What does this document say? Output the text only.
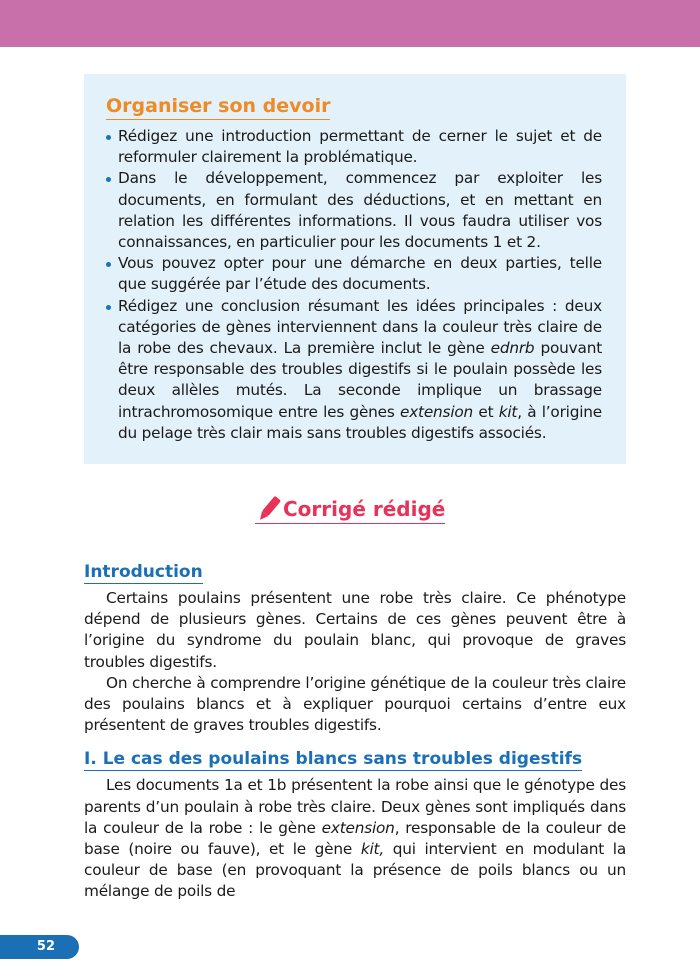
Organiser son devoir
Rédigez une introduction permettant de cerner le sujet et de reformuler clairement la problématique.
Dans le développement, commencez par exploiter les documents, en formulant des déductions, et en mettant en relation les différentes informations. Il vous faudra utiliser vos connaissances, en particulier pour les documents 1 et 2.
Vous pouvez opter pour une démarche en deux parties, telle que suggérée par l’étude des documents.
Rédigez une conclusion résumant les idées principales : deux catégories de gènes interviennent dans la couleur très claire de la robe des chevaux. La première inclut le gène ednrb pouvant être responsable des troubles digestifs si le poulain possède les deux allèles mutés. La seconde implique un brassage intrachromosomique entre les gènes extension et kit, à l’origine du pelage très clair mais sans troubles digestifs associés.
Corrigé rédigé
Introduction

Certains poulains présentent une robe très claire. Ce phénotype dépend de plusieurs gènes. Certains de ces gènes peuvent être à l’origine du syndrome du poulain blanc, qui provoque de graves troubles digestifs.

On cherche à comprendre l’origine génétique de la couleur très claire des poulains blancs et à expliquer pourquoi certains d’entre eux présentent de graves troubles digestifs.

I. Le cas des poulains blancs sans troubles digestifs

Les documents 1a et 1b présentent la robe ainsi que le génotype des parents d’un poulain à robe très claire. Deux gènes sont impliqués dans la couleur de la robe : le gène extension, responsable de la couleur de base (noire ou fauve), et le gène kit, qui intervient en modulant la couleur de base (en provoquant la présence de poils blancs ou un mélange de poils de

52
